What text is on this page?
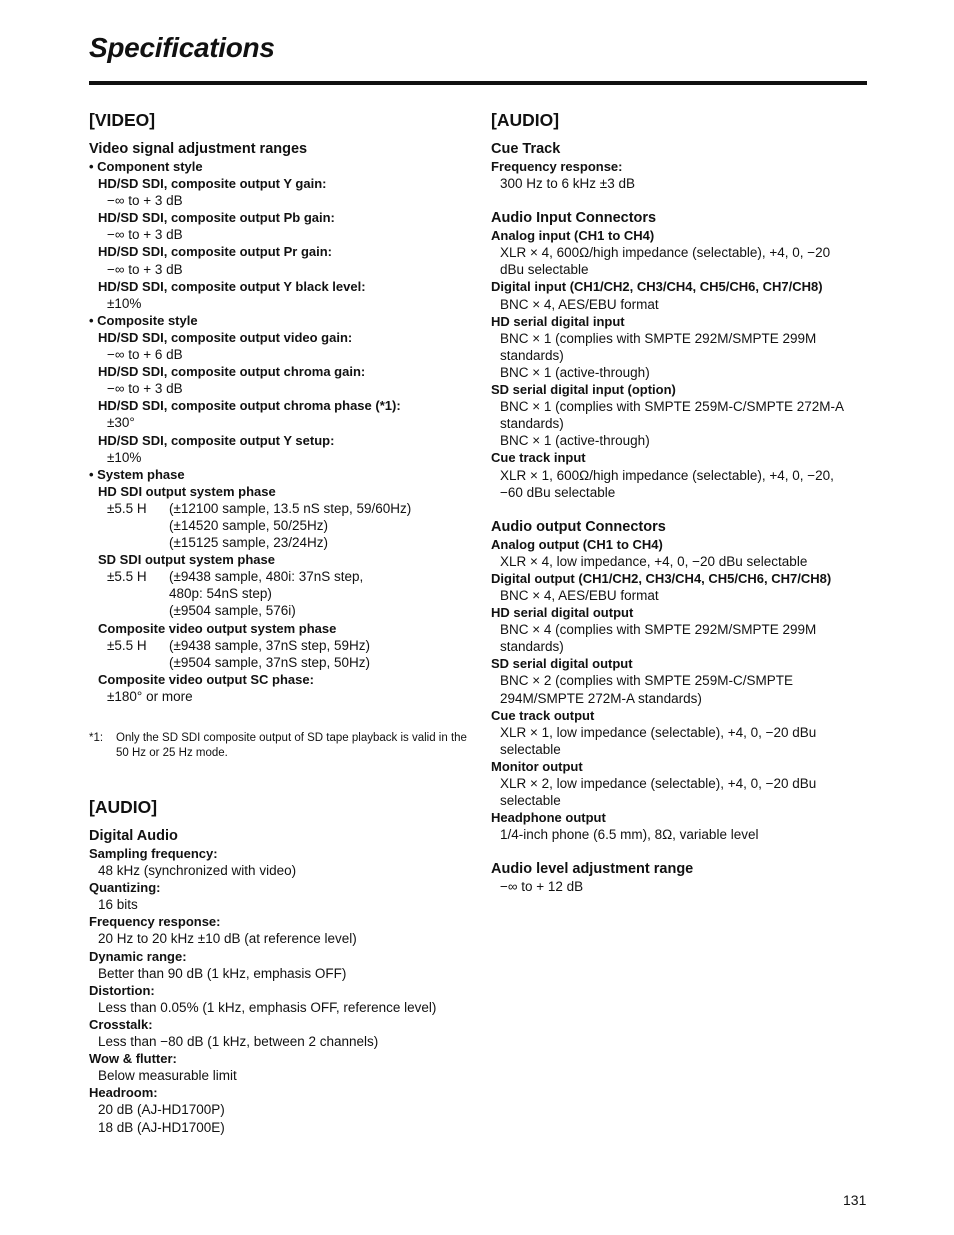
Specifications
[VIDEO]
Video signal adjustment ranges
• Component style
HD/SD SDI, composite output Y gain:
−∞ to + 3 dB
HD/SD SDI, composite output Pb gain:
−∞ to + 3 dB
HD/SD SDI, composite output Pr gain:
−∞ to + 3 dB
HD/SD SDI, composite output Y black level:
±10%
• Composite style
HD/SD SDI, composite output video gain:
−∞ to + 6 dB
HD/SD SDI, composite output chroma gain:
−∞ to + 3 dB
HD/SD SDI, composite output chroma phase (*1):
±30°
HD/SD SDI, composite output Y setup:
±10%
• System phase
HD SDI output system phase
±5.5 H	(±12100 sample, 13.5 nS step, 59/60Hz)
(±14520 sample, 50/25Hz)
(±15125 sample, 23/24Hz)
SD SDI output system phase
±5.5 H	(±9438 sample, 480i: 37nS step,
480p: 54nS step)
(±9504 sample, 576i)
Composite video output system phase
±5.5 H	(±9438 sample, 37nS step, 59Hz)
(±9504 sample, 37nS step, 50Hz)
Composite video output SC phase:
±180° or more
*1:	Only the SD SDI composite output of SD tape playback is valid in the 50 Hz or 25 Hz mode.
[AUDIO]
Digital Audio
Sampling frequency:
48 kHz (synchronized with video)
Quantizing:
16 bits
Frequency response:
20 Hz to 20 kHz ±10 dB (at reference level)
Dynamic range:
Better than 90 dB (1 kHz, emphasis OFF)
Distortion:
Less than 0.05% (1 kHz, emphasis OFF, reference level)
Crosstalk:
Less than −80 dB (1 kHz, between 2 channels)
Wow & flutter:
Below measurable limit
Headroom:
20 dB (AJ-HD1700P)
18 dB (AJ-HD1700E)
[AUDIO]
Cue Track
Frequency response:
300 Hz to 6 kHz ±3 dB
Audio Input Connectors
Analog input (CH1 to CH4)
XLR × 4, 600Ω/high impedance (selectable), +4, 0, −20
dBu selectable
Digital input (CH1/CH2, CH3/CH4, CH5/CH6, CH7/CH8)
BNC × 4, AES/EBU format
HD serial digital input
BNC × 1 (complies with SMPTE 292M/SMPTE 299M
standards)
BNC × 1 (active-through)
SD serial digital input (option)
BNC × 1 (complies with SMPTE 259M-C/SMPTE 272M-A
standards)
BNC × 1 (active-through)
Cue track input
XLR × 1, 600Ω/high impedance (selectable), +4, 0, −20,
−60 dBu selectable
Audio output Connectors
Analog output (CH1 to CH4)
XLR × 4, low impedance, +4, 0, −20 dBu selectable
Digital output (CH1/CH2, CH3/CH4, CH5/CH6, CH7/CH8)
BNC × 4, AES/EBU format
HD serial digital output
BNC × 4 (complies with SMPTE 292M/SMPTE 299M
standards)
SD serial digital output
BNC × 2 (complies with SMPTE 259M-C/SMPTE
294M/SMPTE 272M-A standards)
Cue track output
XLR × 1, low impedance (selectable), +4, 0, −20 dBu
selectable
Monitor output
XLR × 2, low impedance (selectable), +4, 0, −20 dBu
selectable
Headphone output
1/4-inch phone (6.5 mm), 8Ω, variable level
Audio level adjustment range
−∞ to + 12 dB
131
